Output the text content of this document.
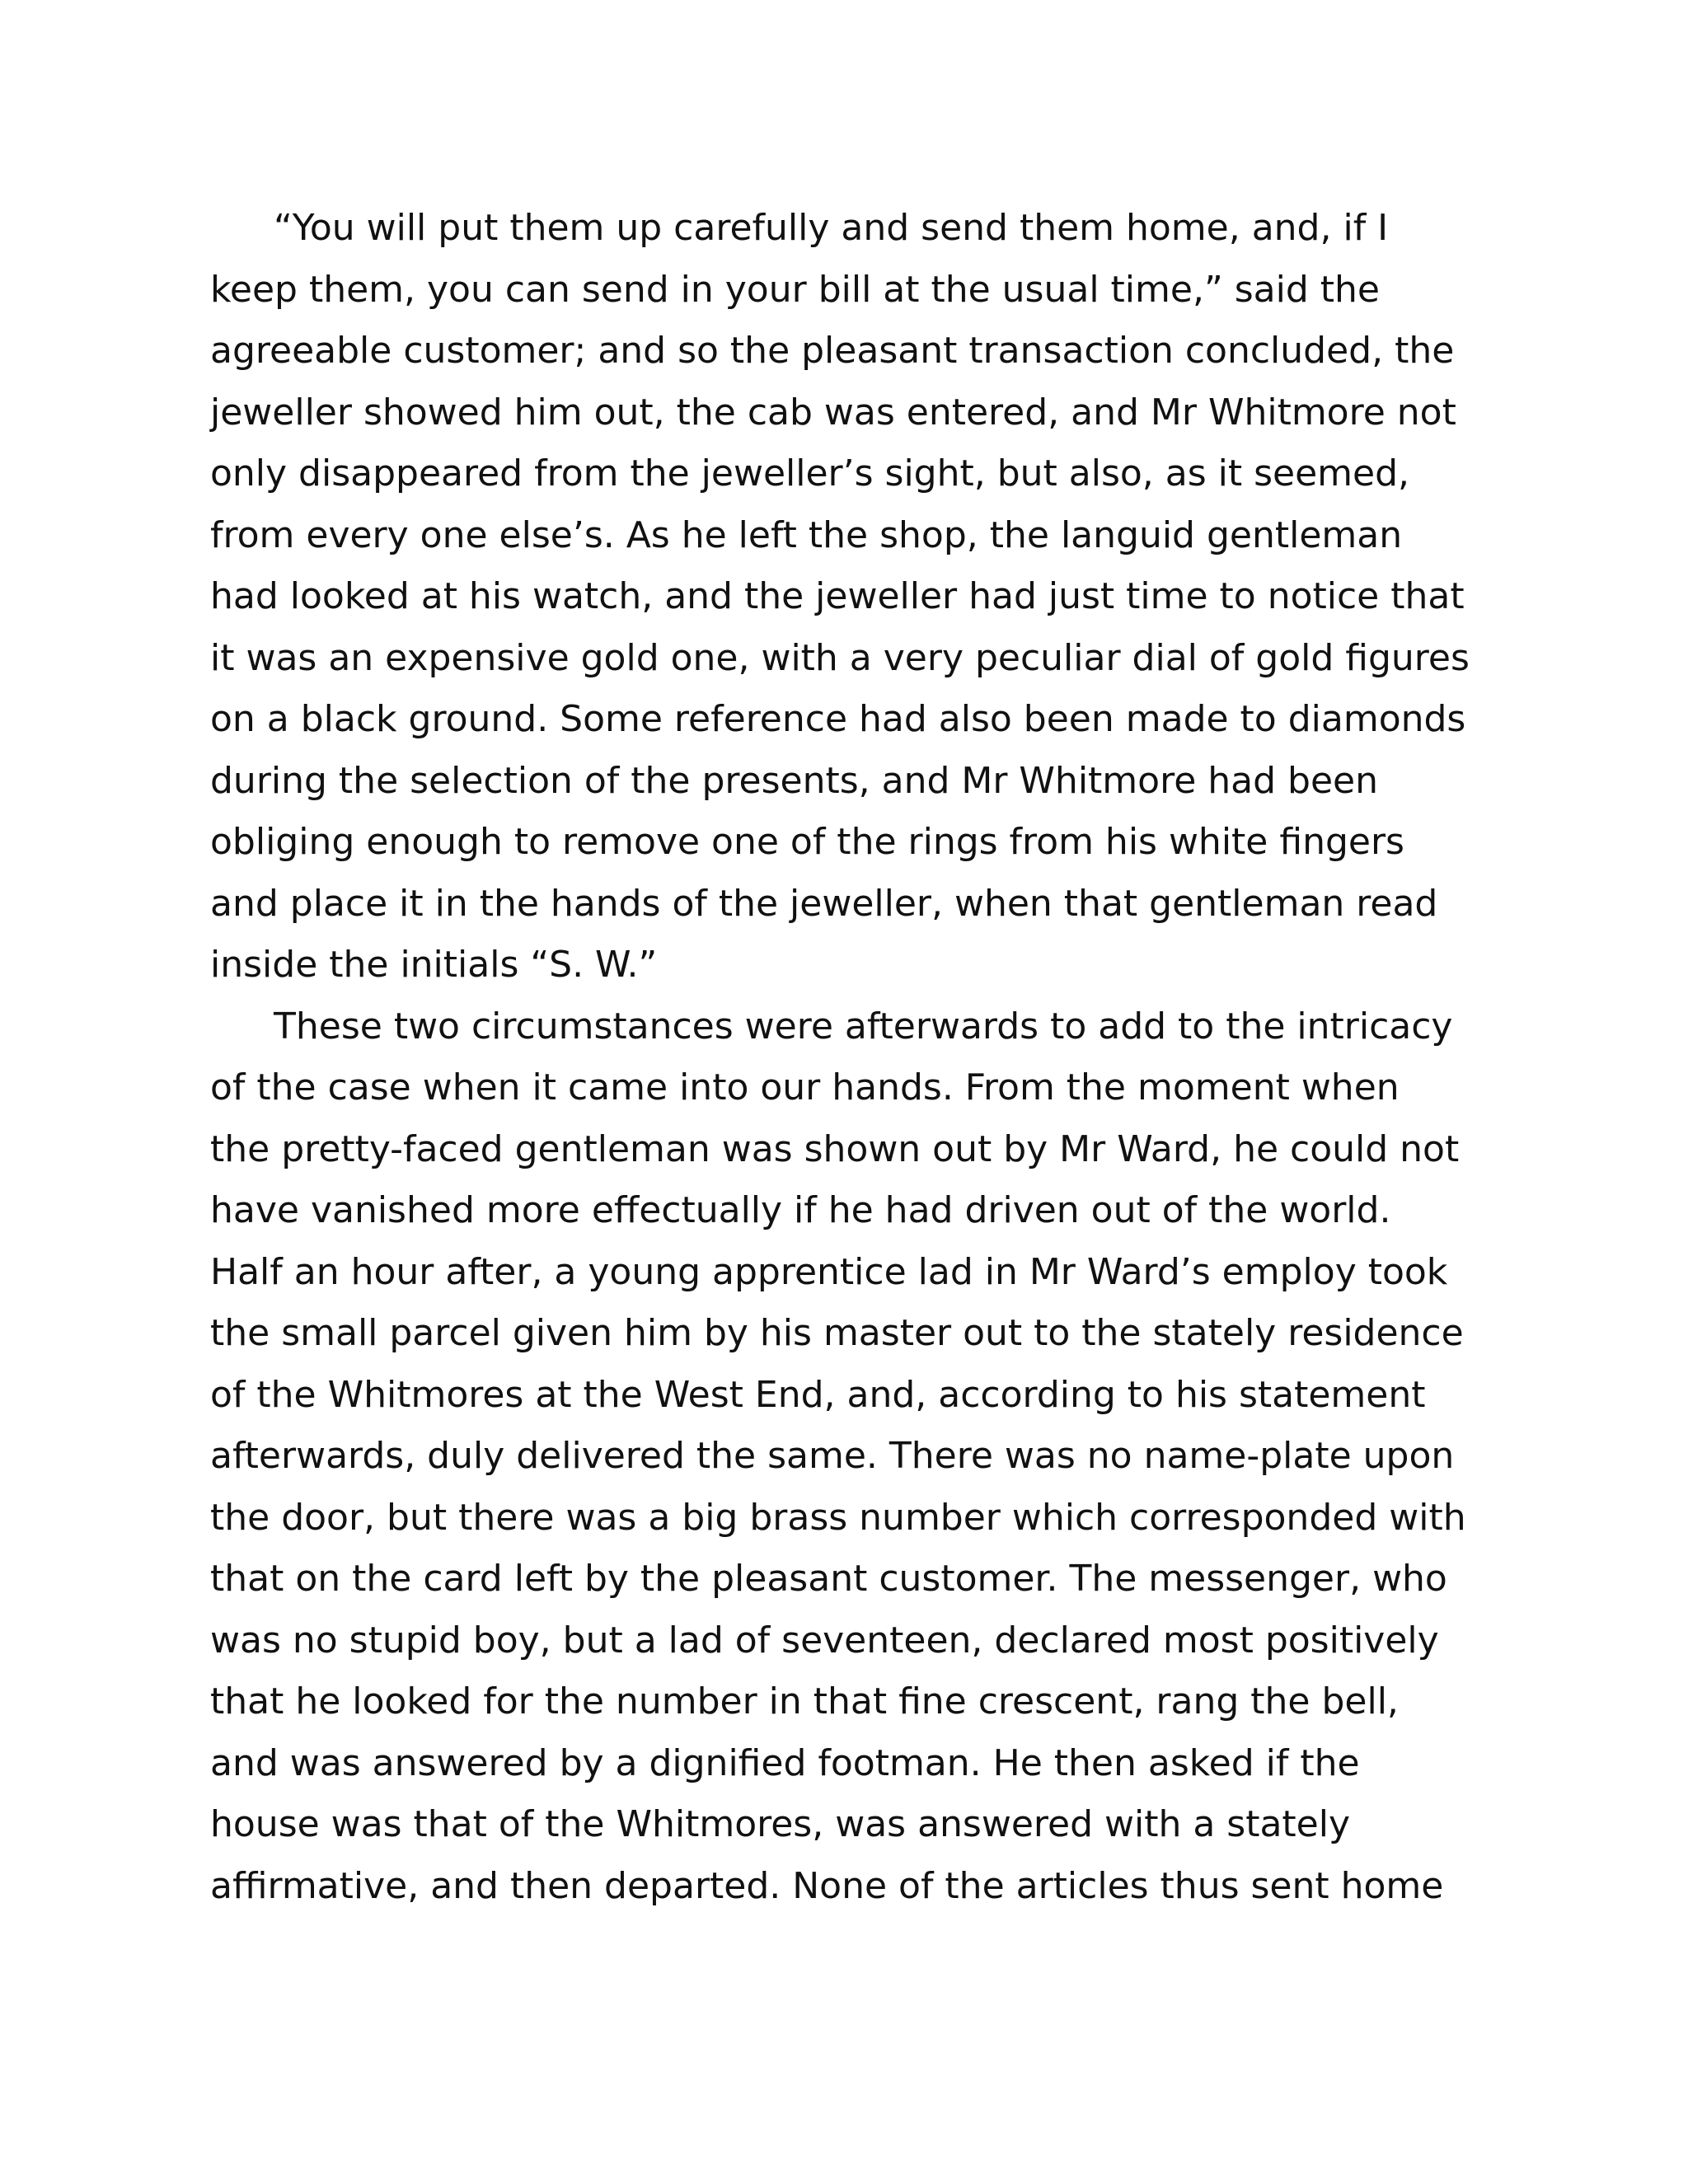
“You will put them up carefully and send them home, and, if I
keep them, you can send in your bill at the usual time,” said the
agreeable customer; and so the pleasant transaction concluded, the
jeweller showed him out, the cab was entered, and Mr Whitmore not
only disappeared from the jeweller’s sight, but also, as it seemed,
from every one else’s. As he left the shop, the languid gentleman
had looked at his watch, and the jeweller had just time to notice that
it was an expensive gold one, with a very peculiar dial of gold figures
on a black ground. Some reference had also been made to diamonds
during the selection of the presents, and Mr Whitmore had been
obliging enough to remove one of the rings from his white fingers
and place it in the hands of the jeweller, when that gentleman read
inside the initials “S. W.”
These two circumstances were afterwards to add to the intricacy
of the case when it came into our hands. From the moment when
the pretty-faced gentleman was shown out by Mr Ward, he could not
have vanished more effectually if he had driven out of the world.
Half an hour after, a young apprentice lad in Mr Ward’s employ took
the small parcel given him by his master out to the stately residence
of the Whitmores at the West End, and, according to his statement
afterwards, duly delivered the same. There was no name-plate upon
the door, but there was a big brass number which corresponded with
that on the card left by the pleasant customer. The messenger, who
was no stupid boy, but a lad of seventeen, declared most positively
that he looked for the number in that fine crescent, rang the bell,
and was answered by a dignified footman. He then asked if the
house was that of the Whitmores, was answered with a stately
affirmative, and then departed. None of the articles thus sent home
